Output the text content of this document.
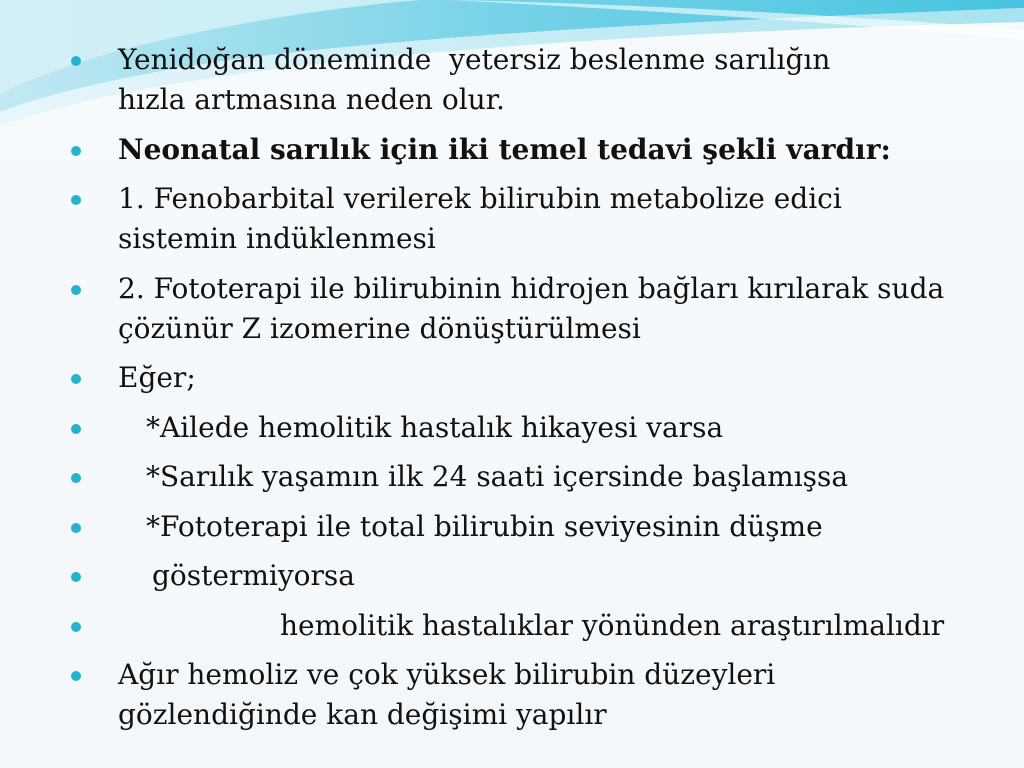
Yenidoğan döneminde  yetersiz beslenme sarılığın
hızla artmasına neden olur.
Neonatal sarılık için iki temel tedavi şekli vardır:
1. Fenobarbital verilerek bilirubin metabolize edici
sistemin indüklenmesi
2. Fototerapi ile bilirubinin hidrojen bağları kırılarak suda
çözünür Z izomerine dönüştürülmesi
Eğer;
*Ailede hemolitik hastalık hikayesi varsa
*Sarılık yaşamın ilk 24 saati içersinde başlamışsa
*Fototerapi ile total bilirubin seviyesinin düşme
göstermiyorsa
hemolitik hastalıklar yönünden araştırılmalıdır
Ağır hemoliz ve çok yüksek bilirubin düzeyleri
gözlendiğinde kan değişimi yapılır
